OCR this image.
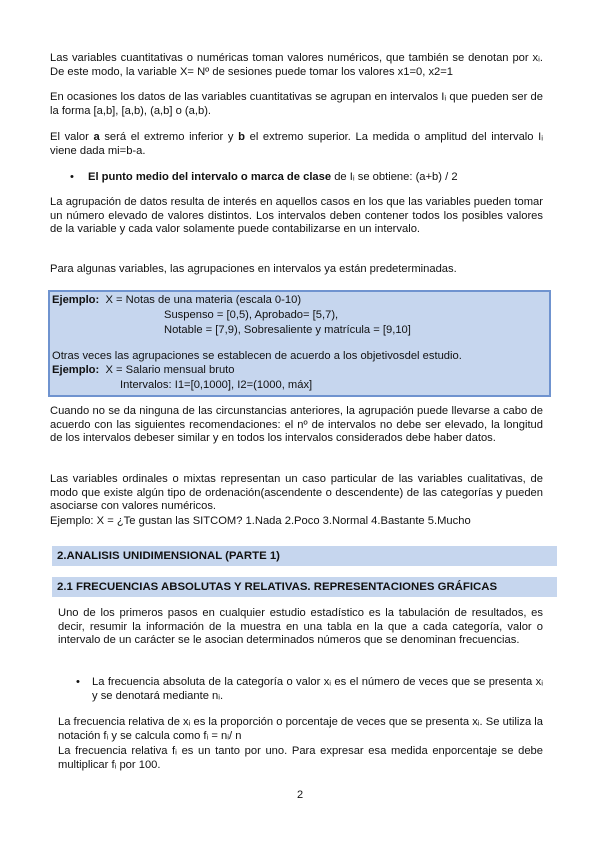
Las variables cuantitativas o numéricas toman valores numéricos, que también se denotan por xᵢ. De este modo, la variable X= Nº de sesiones puede tomar los valores x1=0, x2=1

En ocasiones los datos de las variables cuantitativas se agrupan en intervalos Iᵢ que pueden ser de la forma [a,b], [a,b), (a,b] o (a,b).

El valor a será el extremo inferior y b el extremo superior. La medida o amplitud del intervalo Iᵢ viene dada mi=b-a.

• El punto medio del intervalo o marca de clase de Iᵢ se obtiene: (a+b) / 2

La agrupación de datos resulta de interés en aquellos casos en los que las variables pueden tomar un número elevado de valores distintos. Los intervalos deben contener todos los posibles valores de la variable y cada valor solamente puede contabilizarse en un intervalo.

Para algunas variables, las agrupaciones en intervalos ya están predeterminadas.

Ejemplo: X = Notas de una materia (escala 0-10)

Suspenso = [0,5), Aprobado= [5,7),

Notable = [7,9), Sobresaliente y matrícula = [9,10]

Otras veces las agrupaciones se establecen de acuerdo a los objetivosdel estudio.

Ejemplo: X = Salario mensual bruto

Intervalos: I1=[0,1000], I2=(1000, máx]

Cuando no se da ninguna de las circunstancias anteriores, la agrupación puede llevarse a cabo de acuerdo con las siguientes recomendaciones: el nº de intervalos no debe ser elevado, la longitud de los intervalos debeser similar y en todos los intervalos considerados debe haber datos.

Las variables ordinales o mixtas representan un caso particular de las variables cualitativas, de modo que existe algún tipo de ordenación(ascendente o descendente) de las categorías y pueden asociarse con valores numéricos.

Ejemplo: X = ¿Te gustan las SITCOM? 1.Nada 2.Poco 3.Normal 4.Bastante 5.Mucho

2.ANALISIS UNIDIMENSIONAL (PARTE 1)
2.1 FRECUENCIAS ABSOLUTAS Y RELATIVAS. REPRESENTACIONES GRÁFICAS

Uno de los primeros pasos en cualquier estudio estadístico es la tabulación de resultados, es decir, resumir la información de la muestra en una tabla en la que a cada categoría, valor o intervalo de un carácter se le asocian determinados números que se denominan frecuencias.

• La frecuencia absoluta de la categoría o valor xᵢ es el número de veces que se presenta xᵢ y se denotará mediante nᵢ.

La frecuencia relativa de xᵢ es la proporción o porcentaje de veces que se presenta xᵢ. Se utiliza la notación fᵢ y se calcula como fᵢ = nᵢ/ n

La frecuencia relativa fᵢ es un tanto por uno. Para expresar esa medida enporcentaje se debe multiplicar fᵢ por 100.

2
